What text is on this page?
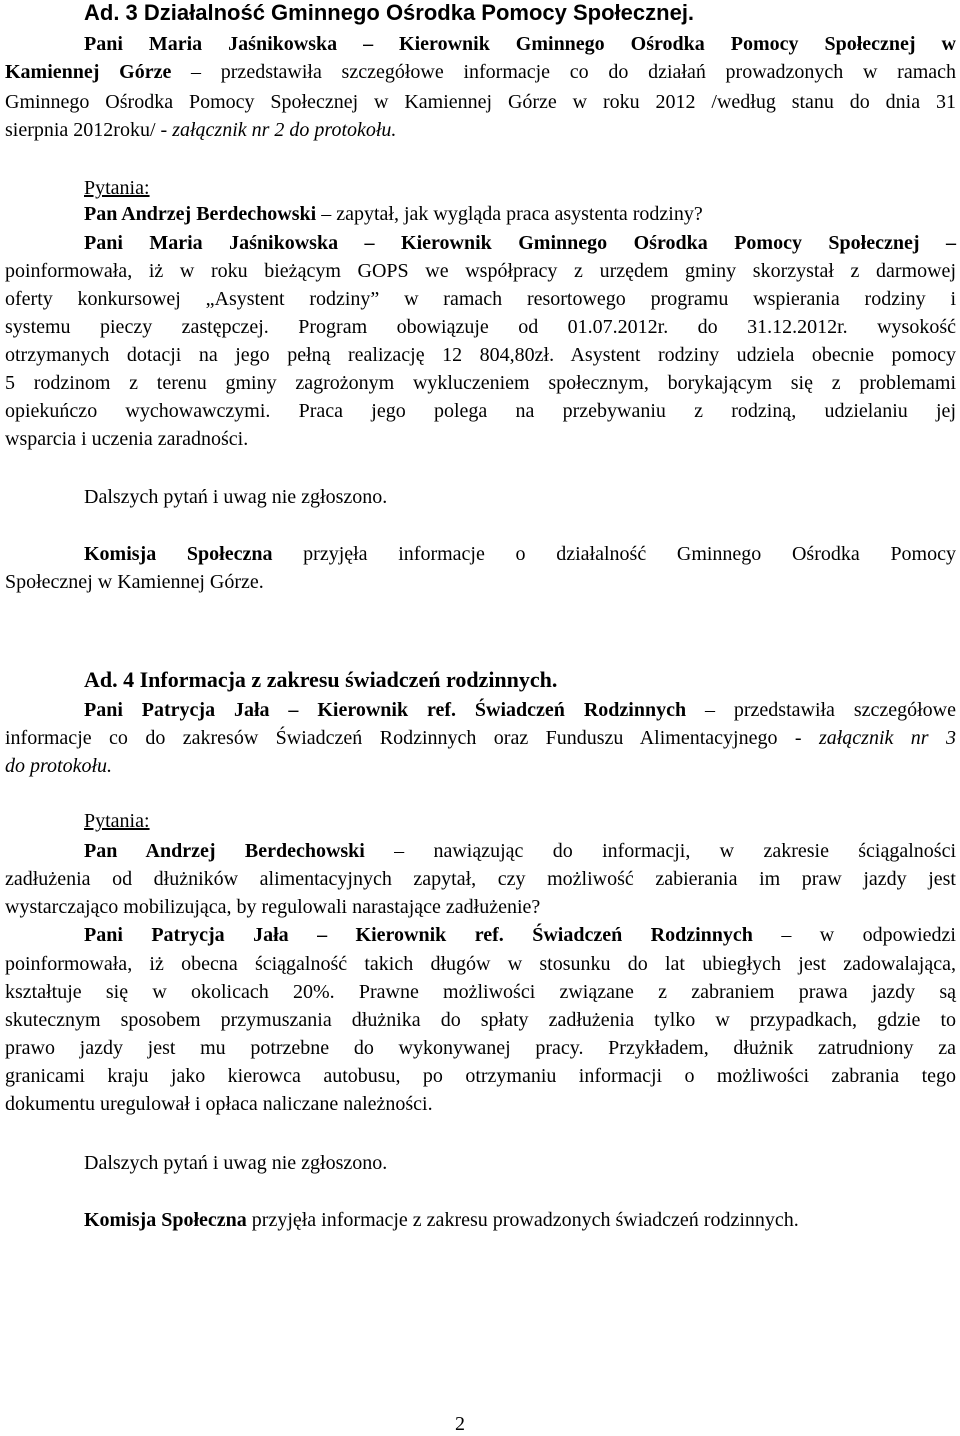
Ad. 3 Działalność Gminnego Ośrodka Pomocy Społecznej.
Pani Maria Jaśnikowska – Kierownik Gminnego Ośrodka Pomocy Społecznej w
Kamiennej Górze – przedstawiła szczegółowe informacje co do działań prowadzonych w ramach
Gminnego Ośrodka Pomocy Społecznej w Kamiennej Górze w roku 2012 /według stanu do dnia 31
sierpnia 2012roku/ - załącznik nr 2 do protokołu.
Pytania:
Pan Andrzej Berdechowski – zapytał, jak wygląda praca asystenta rodziny?
Pani Maria Jaśnikowska – Kierownik Gminnego Ośrodka Pomocy Społecznej –
poinformowała, iż w roku bieżącym GOPS we współpracy z urzędem gminy skorzystał z darmowej
oferty konkursowej „Asystent rodziny” w ramach resortowego programu wspierania rodziny i
systemu pieczy zastępczej. Program obowiązuje od 01.07.2012r. do 31.12.2012r. wysokość
otrzymanych dotacji na jego pełną realizację 12 804,80zł. Asystent rodziny udziela obecnie pomocy
5 rodzinom z terenu gminy zagrożonym wykluczeniem społecznym, borykającym się z problemami
opiekuńczo wychowawczymi. Praca jego polega na przebywaniu z rodziną, udzielaniu jej
wsparcia i uczenia zaradności.
Dalszych pytań i uwag nie zgłoszono.
Komisja Społeczna przyjęła informacje o działalność Gminnego Ośrodka Pomocy
Społecznej w Kamiennej Górze.
Ad. 4 Informacja z zakresu świadczeń rodzinnych.
Pani Patrycja Jała – Kierownik ref. Świadczeń Rodzinnych – przedstawiła szczegółowe
informacje co do zakresów Świadczeń Rodzinnych oraz Funduszu Alimentacyjnego - załącznik nr 3
do protokołu.
Pytania:
Pan Andrzej Berdechowski – nawiązując do informacji, w zakresie ściągalności
zadłużenia od dłużników alimentacyjnych zapytał, czy możliwość zabierania im praw jazdy jest
wystarczająco mobilizująca, by regulowali narastające zadłużenie?
Pani Patrycja Jała – Kierownik ref. Świadczeń Rodzinnych – w odpowiedzi
poinformowała, iż obecna ściągalność takich długów w stosunku do lat ubiegłych jest zadowalająca,
kształtuje się w okolicach 20%. Prawne możliwości związane z zabraniem prawa jazdy są
skutecznym sposobem przymuszania dłużnika do spłaty zadłużenia tylko w przypadkach, gdzie to
prawo jazdy jest mu potrzebne do wykonywanej pracy. Przykładem, dłużnik zatrudniony za
granicami kraju jako kierowca autobusu, po otrzymaniu informacji o możliwości zabrania tego
dokumentu uregulował i opłaca naliczane należności.
Dalszych pytań i uwag nie zgłoszono.
Komisja Społeczna przyjęła informacje z zakresu prowadzonych świadczeń rodzinnych.
2
